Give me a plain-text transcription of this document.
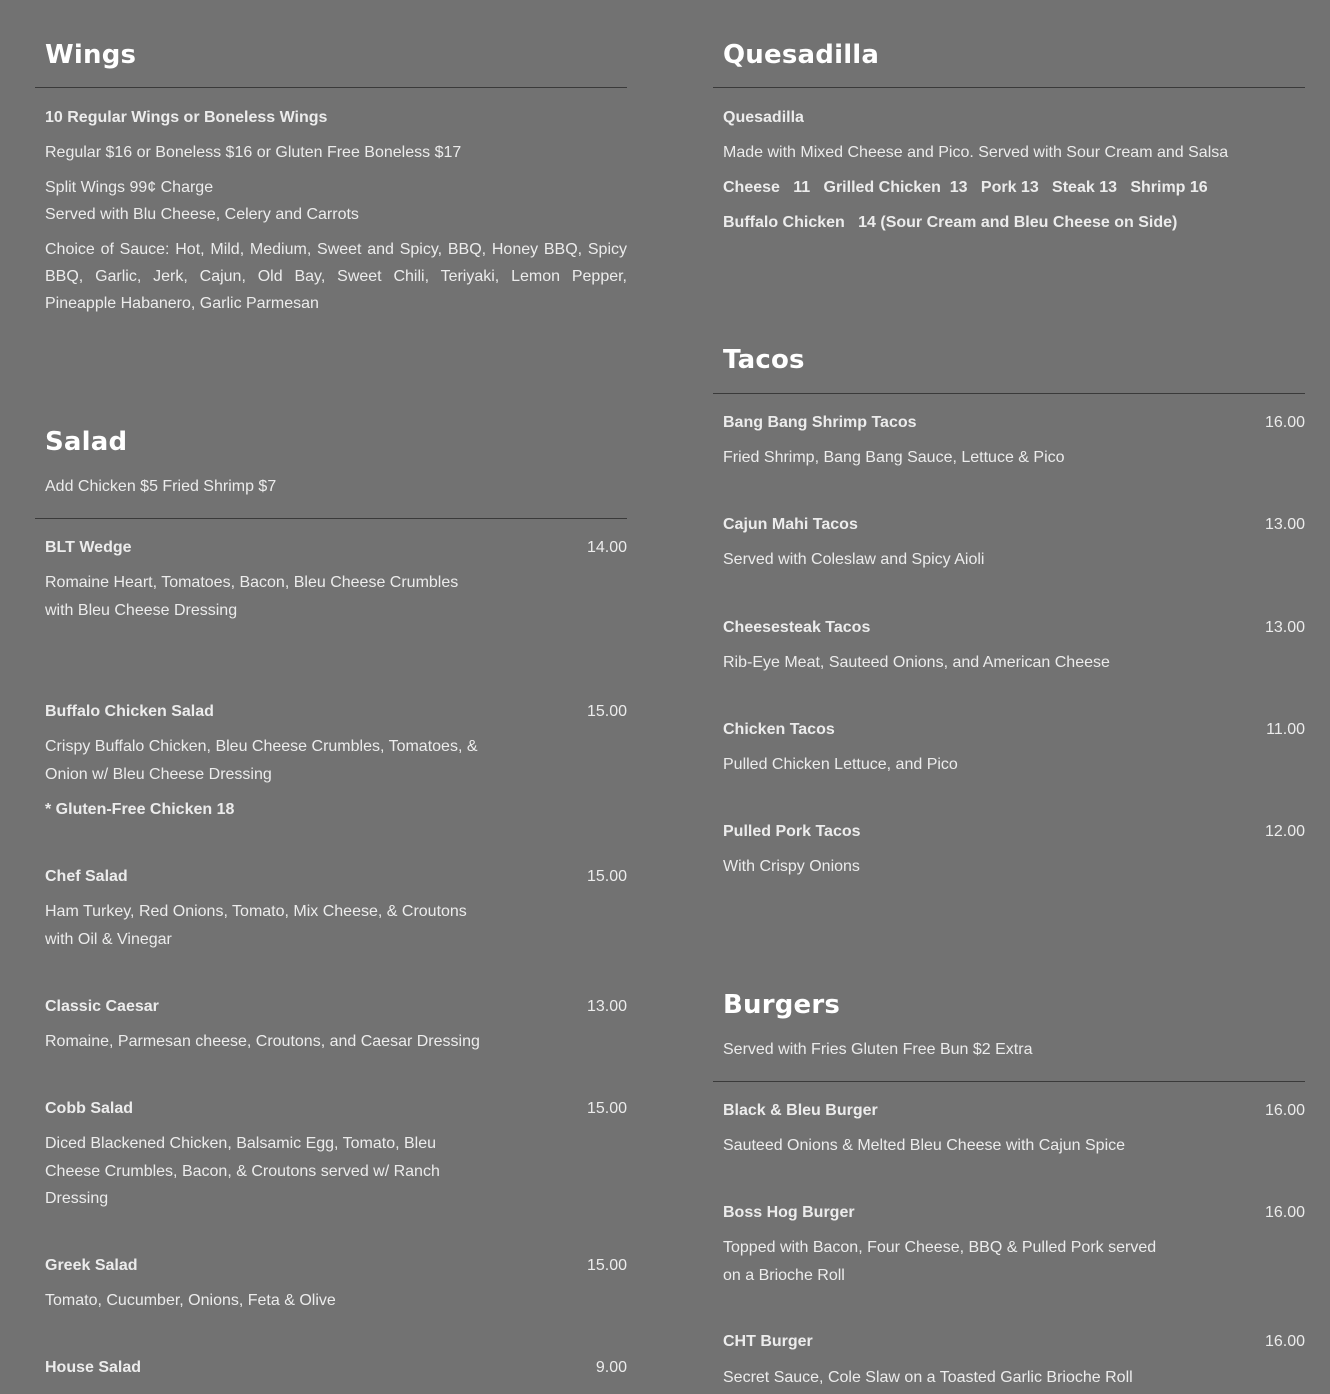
Wings
10 Regular Wings or Boneless Wings
Regular $16 or Boneless $16 or Gluten Free Boneless $17
Split Wings 99¢ Charge
Served with Blu Cheese, Celery and Carrots
Choice of Sauce: Hot, Mild, Medium, Sweet and Spicy, BBQ, Honey BBQ, Spicy BBQ, Garlic, Jerk, Cajun, Old Bay, Sweet Chili, Teriyaki, Lemon Pepper, Pineapple Habanero, Garlic Parmesan
Salad
Add Chicken $5 Fried Shrimp $7
BLT Wedge	14.00
Romaine Heart, Tomatoes, Bacon, Bleu Cheese Crumbles
with Bleu Cheese Dressing
Buffalo Chicken Salad	15.00
Crispy Buffalo Chicken, Bleu Cheese Crumbles, Tomatoes, &
Onion w/ Bleu Cheese Dressing
* Gluten-Free Chicken 18
Chef Salad	15.00
Ham Turkey, Red Onions, Tomato, Mix Cheese, & Croutons
with Oil & Vinegar
Classic Caesar	13.00
Romaine, Parmesan cheese, Croutons, and Caesar Dressing
Cobb Salad	15.00
Diced Blackened Chicken, Balsamic Egg, Tomato, Bleu
Cheese Crumbles, Bacon, & Croutons served w/ Ranch
Dressing
Greek Salad	15.00
Tomato, Cucumber, Onions, Feta & Olive
House Salad	9.00
Quesadilla
Quesadilla
Made with Mixed Cheese and Pico. Served with Sour Cream and Salsa
Cheese   11   Grilled Chicken  13   Pork 13   Steak 13   Shrimp 16
Buffalo Chicken   14 (Sour Cream and Bleu Cheese on Side)
Tacos
Bang Bang Shrimp Tacos	16.00
Fried Shrimp, Bang Bang Sauce, Lettuce & Pico
Cajun Mahi Tacos	13.00
Served with Coleslaw and Spicy Aioli
Cheesesteak Tacos	13.00
Rib-Eye Meat, Sauteed Onions, and American Cheese
Chicken Tacos	11.00
Pulled Chicken Lettuce, and Pico
Pulled Pork Tacos	12.00
With Crispy Onions
Burgers
Served with Fries Gluten Free Bun $2 Extra
Black & Bleu Burger	16.00
Sauteed Onions & Melted Bleu Cheese with Cajun Spice
Boss Hog Burger	16.00
Topped with Bacon, Four Cheese, BBQ & Pulled Pork served
on a Brioche Roll
CHT Burger	16.00
Secret Sauce, Cole Slaw on a Toasted Garlic Brioche Roll
